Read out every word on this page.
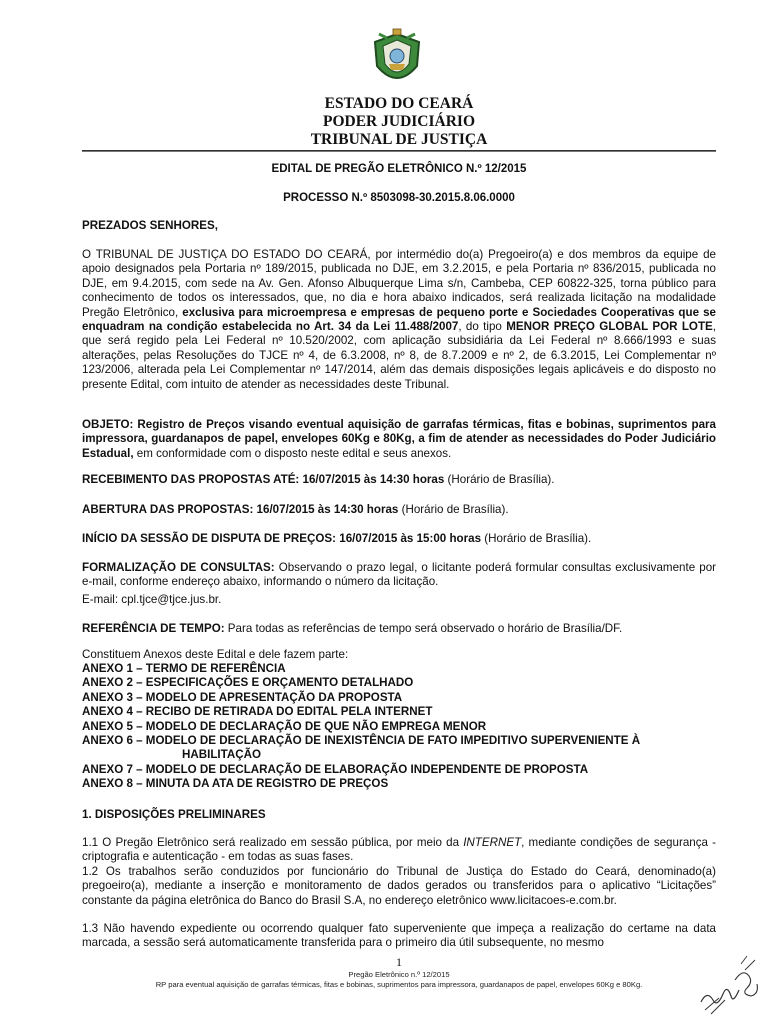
ESTADO DO CEARÁ
PODER JUDICIÁRIO
TRIBUNAL DE JUSTIÇA
EDITAL DE PREGÃO ELETRÔNICO N.º 12/2015
PROCESSO N.º 8503098-30.2015.8.06.0000

PREZADOS SENHORES,

O TRIBUNAL DE JUSTIÇA DO ESTADO DO CEARÁ, por intermédio do(a) Pregoeiro(a) e dos membros da equipe de apoio designados pela Portaria nº 189/2015, publicada no DJE, em 3.2.2015, e pela Portaria nº 836/2015, publicada no DJE, em 9.4.2015, com sede na Av. Gen. Afonso Albuquerque Lima s/n, Cambeba, CEP 60822-325, torna público para conhecimento de todos os interessados, que, no dia e hora abaixo indicados, será realizada licitação na modalidade Pregão Eletrônico, exclusiva para microempresa e empresas de pequeno porte e Sociedades Cooperativas que se enquadram na condição estabelecida no Art. 34 da Lei 11.488/2007, do tipo MENOR PREÇO GLOBAL POR LOTE, que será regido pela Lei Federal nº 10.520/2002, com aplicação subsidiária da Lei Federal nº 8.666/1993 e suas alterações, pelas Resoluções do TJCE nº 4, de 6.3.2008, nº 8, de 8.7.2009 e nº 2, de 6.3.2015, Lei Complementar nº 123/2006, alterada pela Lei Complementar nº 147/2014, além das demais disposições legais aplicáveis e do disposto no presente Edital, com intuito de atender as necessidades deste Tribunal.

OBJETO: Registro de Preços visando eventual aquisição de garrafas térmicas, fitas e bobinas, suprimentos para impressora, guardanapos de papel, envelopes 60Kg e 80Kg, a fim de atender as necessidades do Poder Judiciário Estadual, em conformidade com o disposto neste edital e seus anexos.

RECEBIMENTO DAS PROPOSTAS ATÉ: 16/07/2015 às 14:30 horas (Horário de Brasília).

ABERTURA DAS PROPOSTAS: 16/07/2015 às 14:30 horas (Horário de Brasília).

INÍCIO DA SESSÃO DE DISPUTA DE PREÇOS: 16/07/2015 às 15:00 horas (Horário de Brasília).

FORMALIZAÇÃO DE CONSULTAS: Observando o prazo legal, o licitante poderá formular consultas exclusivamente por e-mail, conforme endereço abaixo, informando o número da licitação.

E-mail: cpl.tjce@tjce.jus.br.

REFERÊNCIA DE TEMPO: Para todas as referências de tempo será observado o horário de Brasília/DF.

Constituem Anexos deste Edital e dele fazem parte:

ANEXO 1 – TERMO DE REFERÊNCIA
ANEXO 2 – ESPECIFICAÇÕES E ORÇAMENTO DETALHADO
ANEXO 3 – MODELO DE APRESENTAÇÃO DA PROPOSTA
ANEXO 4 – RECIBO DE RETIRADA DO EDITAL PELA INTERNET
ANEXO 5 – MODELO DE DECLARAÇÃO DE QUE NÃO EMPREGA MENOR
ANEXO 6 – MODELO DE DECLARAÇÃO DE INEXISTÊNCIA DE FATO IMPEDITIVO SUPERVENIENTE À
HABILITAÇÃO
ANEXO 7 – MODELO DE DECLARAÇÃO DE ELABORAÇÃO INDEPENDENTE DE PROPOSTA
ANEXO 8 – MINUTA DA ATA DE REGISTRO DE PREÇOS

1. DISPOSIÇÕES PRELIMINARES

1.1 O Pregão Eletrônico será realizado em sessão pública, por meio da INTERNET, mediante condições de segurança - criptografia e autenticação - em todas as suas fases.

1.2 Os trabalhos serão conduzidos por funcionário do Tribunal de Justiça do Estado do Ceará, denominado(a) pregoeiro(a), mediante a inserção e monitoramento de dados gerados ou transferidos para o aplicativo “Licitações” constante da página eletrônica do Banco do Brasil S.A, no endereço eletrônico www.licitacoes-e.com.br.

1.3 Não havendo expediente ou ocorrendo qualquer fato superveniente que impeça a realização do certame na data marcada, a sessão será automaticamente transferida para o primeiro dia útil subsequente, no mesmo

1
Pregão Eletrônico n.º 12/2015
RP para eventual aquisição de garrafas térmicas, fitas e bobinas, suprimentos para impressora, guardanapos de papel, envelopes 60Kg e 80Kg.
